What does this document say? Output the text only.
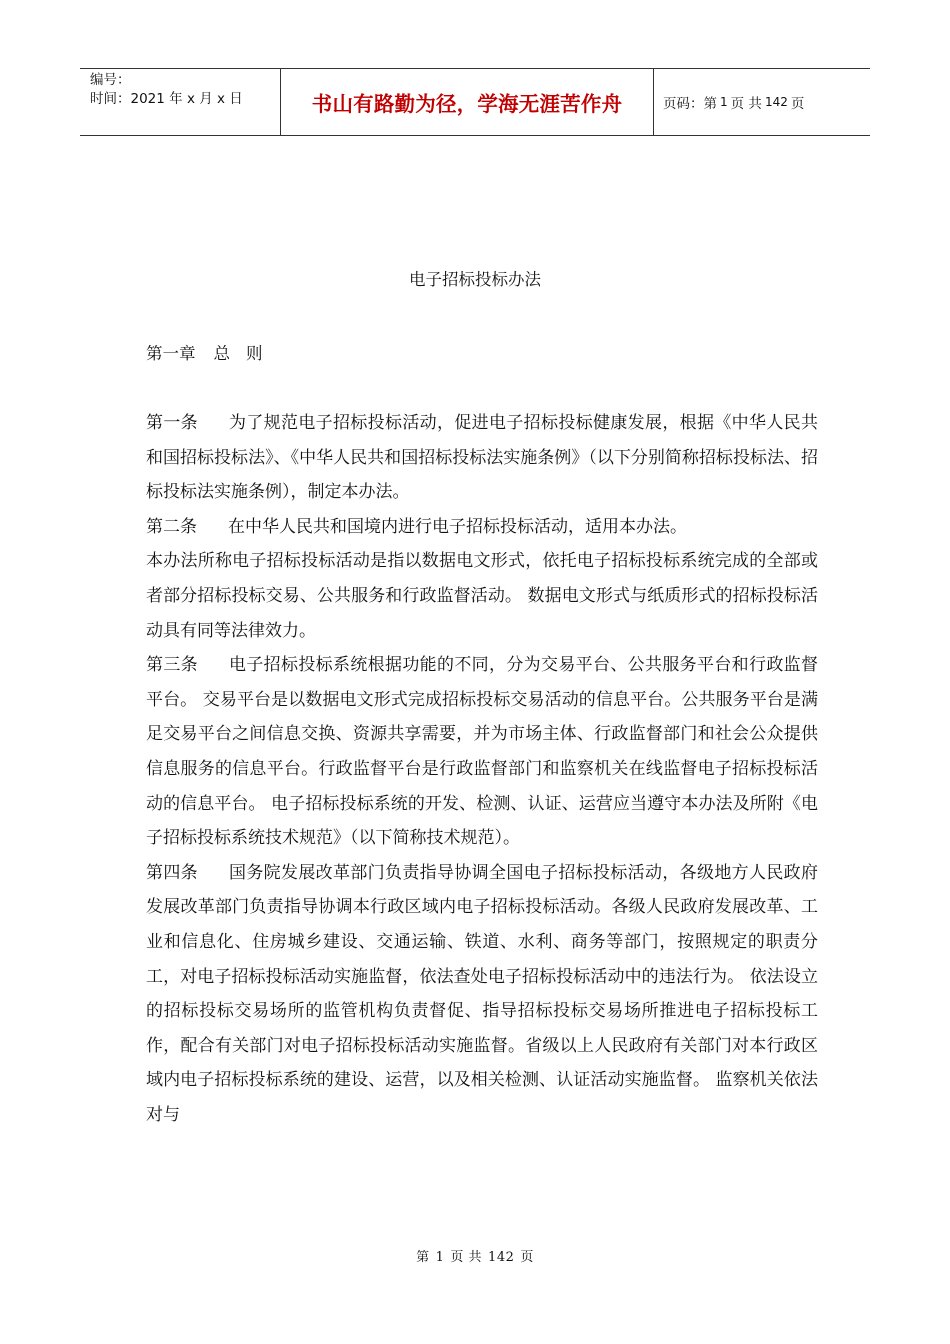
编号：
时间：2021 年 x 月 x 日	书山有路勤为径，学海无涯苦作舟	页码：第 1 页 共 142 页
电子招标投标办法
第一章 总 则

第一条 为了规范电子招标投标活动，促进电子招标投标健康发展，根据《中华人民共和国招标投标法》、《中华人民共和国招标投标法实施条例》（以下分别简称招标投标法、招标投标法实施条例），制定本办法。

第二条 在中华人民共和国境内进行电子招标投标活动，适用本办法。

本办法所称电子招标投标活动是指以数据电文形式，依托电子招标投标系统完成的全部或者部分招标投标交易、公共服务和行政监督活动。 数据电文形式与纸质形式的招标投标活动具有同等法律效力。

第三条 电子招标投标系统根据功能的不同，分为交易平台、公共服务平台和行政监督平台。 交易平台是以数据电文形式完成招标投标交易活动的信息平台。公共服务平台是满足交易平台之间信息交换、资源共享需要，并为市场主体、行政监督部门和社会公众提供信息服务的信息平台。行政监督平台是行政监督部门和监察机关在线监督电子招标投标活动的信息平台。 电子招标投标系统的开发、检测、认证、运营应当遵守本办法及所附《电子招标投标系统技术规范》（以下简称技术规范）。

第四条 国务院发展改革部门负责指导协调全国电子招标投标活动，各级地方人民政府发展改革部门负责指导协调本行政区域内电子招标投标活动。各级人民政府发展改革、工业和信息化、住房城乡建设、交通运输、铁道、水利、商务等部门，按照规定的职责分工，对电子招标投标活动实施监督，依法查处电子招标投标活动中的违法行为。 依法设立的招标投标交易场所的监管机构负责督促、指导招标投标交易场所推进电子招标投标工作，配合有关部门对电子招标投标活动实施监督。省级以上人民政府有关部门对本行政区域内电子招标投标系统的建设、运营，以及相关检测、认证活动实施监督。 监察机关依法对与

第 1 页 共 142 页
